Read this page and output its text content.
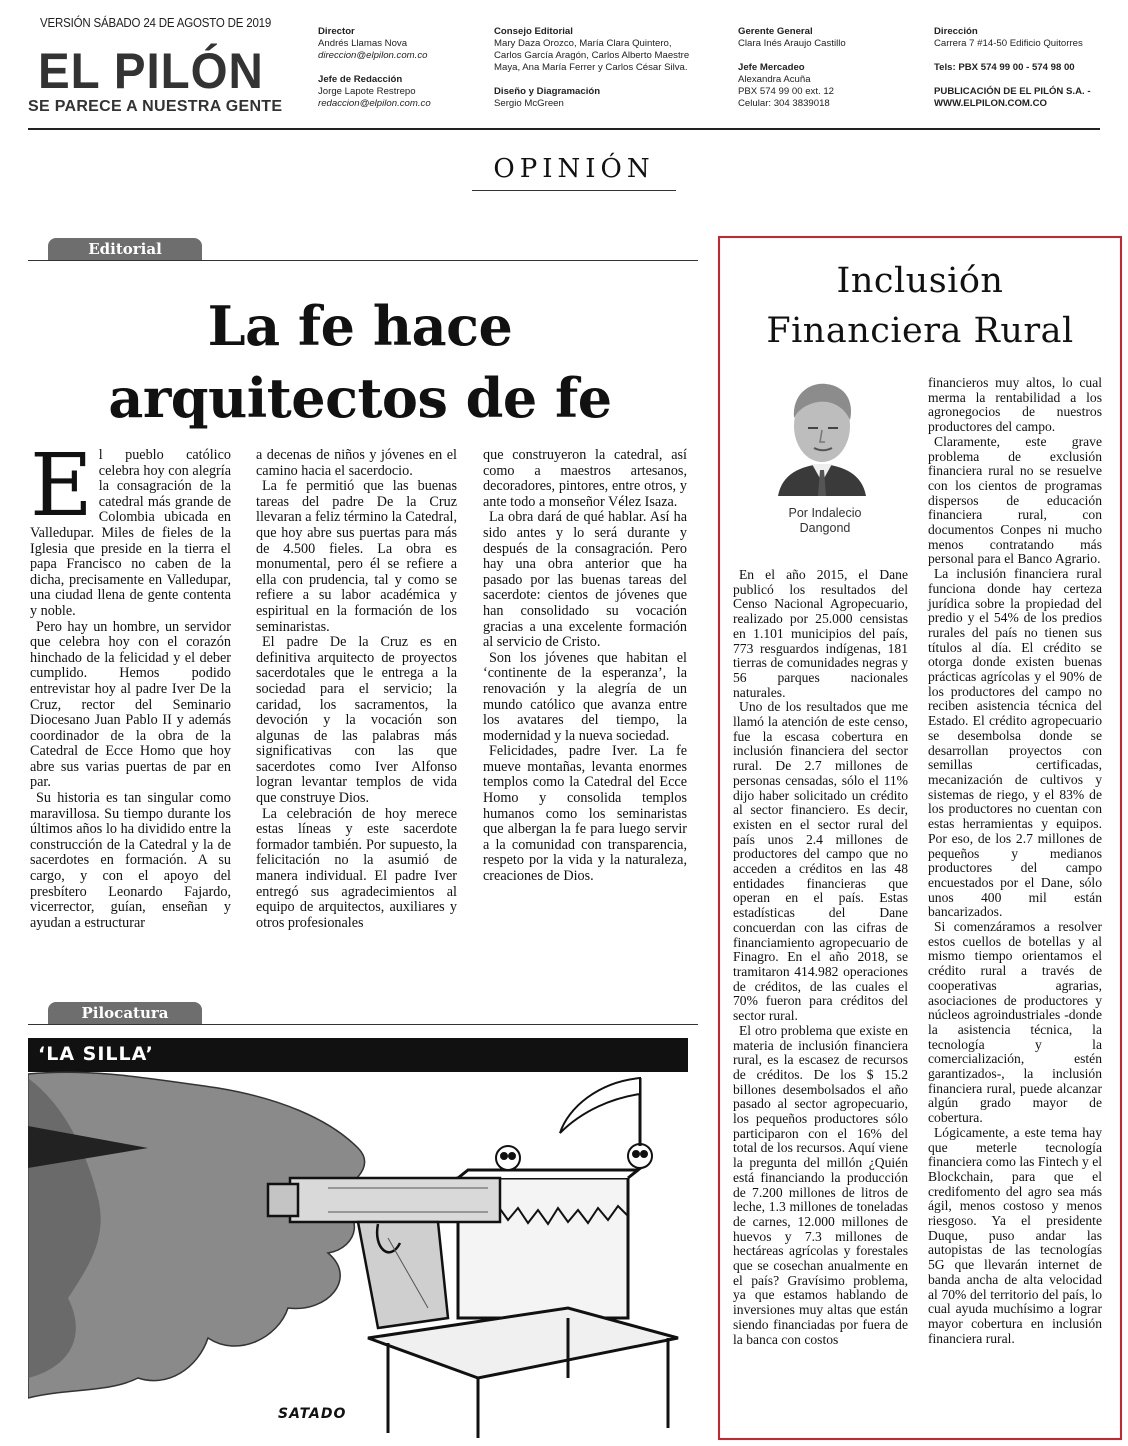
VERSIÓN SÁBADO 24 DE AGOSTO DE 2019
EL PILÓN
SE PARECE A NUESTRA GENTE
Director
Andrés Llamas Nova
direccion@elpilon.com.co
Jefe de Redacción
Jorge Lapote Restrepo
redaccion@elpilon.com.co
Consejo Editorial
Mary Daza Orozco, María Clara Quintero,
Carlos García Aragón, Carlos Alberto Maestre
Maya, Ana María Ferrer y Carlos César Silva.
Diseño y Diagramación
Sergio McGreen
Gerente General
Clara Inés Araujo Castillo
Jefe Mercadeo
Alexandra Acuña
PBX 574 99 00 ext. 12
Celular: 304 3839018
Dirección
Carrera 7 #14-50 Edificio Quitorres
Tels: PBX 574 99 00 - 574 98 00
PUBLICACIÓN DE EL PILÓN S.A. -
WWW.ELPILON.COM.CO
OPINIÓN
Editorial
La fe hace
arquitectos de fe
E l pueblo católico celebra hoy con alegría la consagración de la catedral más grande de Colombia ubicada en Valledupar. Miles de fieles de la Iglesia que preside en la tierra el papa Francisco no caben de la dicha, precisamente en Valledupar, una ciudad llena de gente contenta y noble.

Pero hay un hombre, un servidor que celebra hoy con el corazón hinchado de la felicidad y el deber cumplido. Hemos podido entrevistar hoy al padre Iver De la Cruz, rector del Seminario Diocesano Juan Pablo II y además coordinador de la obra de la Catedral de Ecce Homo que hoy abre sus varias puertas de par en par.

Su historia es tan singular como maravillosa. Su tiempo durante los últimos años lo ha dividido entre la construcción de la Catedral y la de sacerdotes en formación. A su cargo, y con el apoyo del presbítero Leonardo Fajardo, vicerrector, guían, enseñan y ayudan a estructurar

a decenas de niños y jóvenes en el camino hacia el sacerdocio.

La fe permitió que las buenas tareas del padre De la Cruz llevaran a feliz término la Catedral, que hoy abre sus puertas para más de 4.500 fieles. La obra es monumental, pero él se refiere a ella con prudencia, tal y como se refiere a su labor académica y espiritual en la formación de los seminaristas.

El padre De la Cruz es en definitiva arquitecto de proyectos sacerdotales que le entrega a la sociedad para el servicio; la caridad, los sacramentos, la devoción y la vocación son algunas de las palabras más significativas con las que sacerdotes como Iver Alfonso logran levantar templos de vida que construye Dios.

La celebración de hoy merece estas líneas y este sacerdote formador también. Por supuesto, la felicitación no la asumió de manera individual. El padre Iver entregó sus agradecimientos al equipo de arquitectos, auxiliares y otros profesionales

que construyeron la catedral, así como a maestros artesanos, decoradores, pintores, entre otros, y ante todo a monseñor Vélez Isaza.

La obra dará de qué hablar. Así ha sido antes y lo será durante y después de la consagración. Pero hay una obra anterior que ha pasado por las buenas tareas del sacerdote: cientos de jóvenes que han consolidado su vocación gracias a una excelente formación al servicio de Cristo.

Son los jóvenes que habitan el ‘continente de la esperanza’, la renovación y la alegría de un mundo católico que avanza entre los avatares del tiempo, la modernidad y la nueva sociedad.

Felicidades, padre Iver. La fe mueve montañas, levanta enormes templos como la Catedral del Ecce Homo y consolida templos humanos como los seminaristas que albergan la fe para luego servir a la comunidad con transparencia, respeto por la vida y la naturaleza, creaciones de Dios.

Pilocatura
‘LA SILLA’
SATADO
Inclusión
Financiera Rural
Por Indalecio
Dangond

En el año 2015, el Dane publicó los resultados del Censo Nacional Agropecuario, realizado por 25.000 censistas en 1.101 municipios del país, 773 resguardos indígenas, 181 tierras de comunidades negras y 56 parques nacionales naturales.

Uno de los resultados que me llamó la atención de este censo, fue la escasa cobertura en inclusión financiera del sector rural. De 2.7 millones de personas censadas, sólo el 11% dijo haber solicitado un crédito al sector financiero. Es decir, existen en el sector rural del país unos 2.4 millones de productores del campo que no acceden a créditos en las 48 entidades financieras que operan en el país. Estas estadísticas del Dane concuerdan con las cifras de financiamiento agropecuario de Finagro. En el año 2018, se tramitaron 414.982 operaciones de créditos, de las cuales el 70% fueron para créditos del sector rural.

El otro problema que existe en materia de inclusión financiera rural, es la escasez de recursos de créditos. De los $ 15.2 billones desembolsados el año pasado al sector agropecuario, los pequeños productores sólo participaron con el 16% del total de los recursos. Aquí viene la pregunta del millón ¿Quién está financiando la producción de 7.200 millones de litros de leche, 1.3 millones de toneladas de carnes, 12.000 millones de huevos y 7.3 millones de hectáreas agrícolas y forestales que se cosechan anualmente en el país? Gravísimo problema, ya que estamos hablando de inversiones muy altas que están siendo financiadas por fuera de la banca con costos

financieros muy altos, lo cual merma la rentabilidad a los agronegocios de nuestros productores del campo.

Claramente, este grave problema de exclusión financiera rural no se resuelve con los cientos de programas dispersos de educación financiera rural, con documentos Conpes ni mucho menos contratando más personal para el Banco Agrario.

La inclusión financiera rural funciona donde hay certeza jurídica sobre la propiedad del predio y el 54% de los predios rurales del país no tienen sus títulos al día. El crédito se otorga donde existen buenas prácticas agrícolas y el 90% de los productores del campo no reciben asistencia técnica del Estado. El crédito agropecuario se desembolsa donde se desarrollan proyectos con semillas certificadas, mecanización de cultivos y sistemas de riego, y el 83% de los productores no cuentan con estas herramientas y equipos. Por eso, de los 2.7 millones de pequeños y medianos productores del campo encuestados por el Dane, sólo unos 400 mil están bancarizados.

Si comenzáramos a resolver estos cuellos de botellas y al mismo tiempo orientamos el crédito rural a través de cooperativas agrarias, asociaciones de productores y núcleos agroindustriales -donde la asistencia técnica, la tecnología y la comercialización, estén garantizados-, la inclusión financiera rural, puede alcanzar algún grado mayor de cobertura.

Lógicamente, a este tema hay que meterle tecnología financiera como las Fintech y el Blockchain, para que el credifomento del agro sea más ágil, menos costoso y menos riesgoso. Ya el presidente Duque, puso andar las autopistas de las tecnologías 5G que llevarán internet de banda ancha de alta velocidad al 70% del territorio del país, lo cual ayuda muchísimo a lograr mayor cobertura en inclusión financiera rural.
